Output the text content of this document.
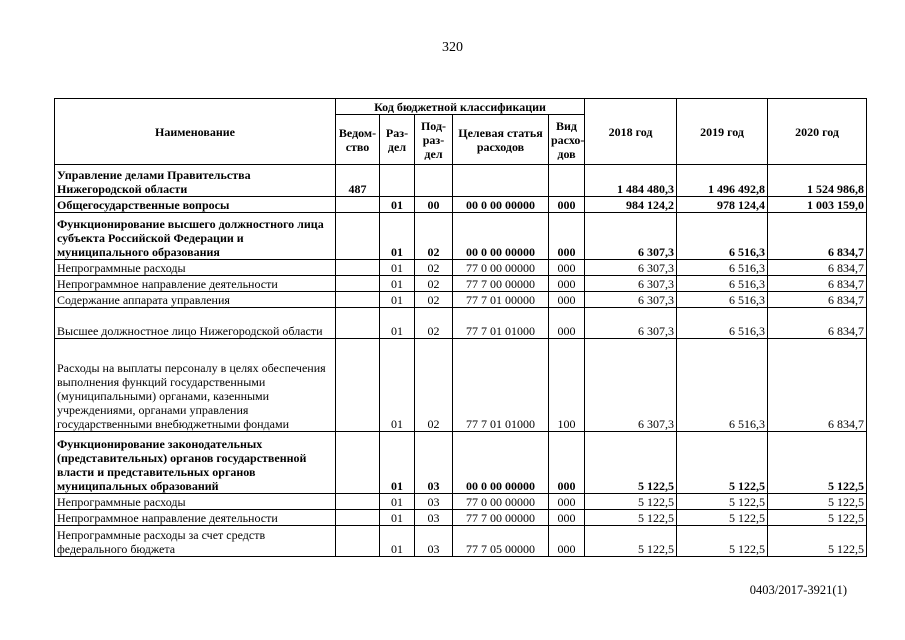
320
Наименование	Код бюджетной классификации					2018 год	2019 год	2020 год
	Ведом-ство	Раз-дел	Под-раз-дел	Целевая статья расходов	Вид расхо-дов			
Управление делами Правительства Нижегородской области	487					1 484 480,3	1 496 492,8	1 524 986,8
Общегосударственные вопросы		01	00	00 0 00 00000	000	984 124,2	978 124,4	1 003 159,0
Функционирование высшего должностного лица субъекта Российской Федерации и муниципального образования		01	02	00 0 00 00000	000	6 307,3	6 516,3	6 834,7
Непрограммные расходы		01	02	77 0 00 00000	000	6 307,3	6 516,3	6 834,7
Непрограммное направление деятельности		01	02	77 7 00 00000	000	6 307,3	6 516,3	6 834,7
Содержание аппарата управления		01	02	77 7 01 00000	000	6 307,3	6 516,3	6 834,7
Высшее должностное лицо Нижегородской области		01	02	77 7 01 01000	000	6 307,3	6 516,3	6 834,7
Расходы на выплаты персоналу в целях обеспечения выполнения функций государственными (муниципальными) органами, казенными учреждениями, органами управления государственными внебюджетными фондами		01	02	77 7 01 01000	100	6 307,3	6 516,3	6 834,7
Функционирование законодательных (представительных) органов государственной власти и представительных органов муниципальных образований		01	03	00 0 00 00000	000	5 122,5	5 122,5	5 122,5
Непрограммные расходы		01	03	77 0 00 00000	000	5 122,5	5 122,5	5 122,5
Непрограммное направление деятельности		01	03	77 7 00 00000	000	5 122,5	5 122,5	5 122,5
Непрограммные расходы за счет средств федерального бюджета		01	03	77 7 05 00000	000	5 122,5	5 122,5	5 122,5
0403/2017-3921(1)
